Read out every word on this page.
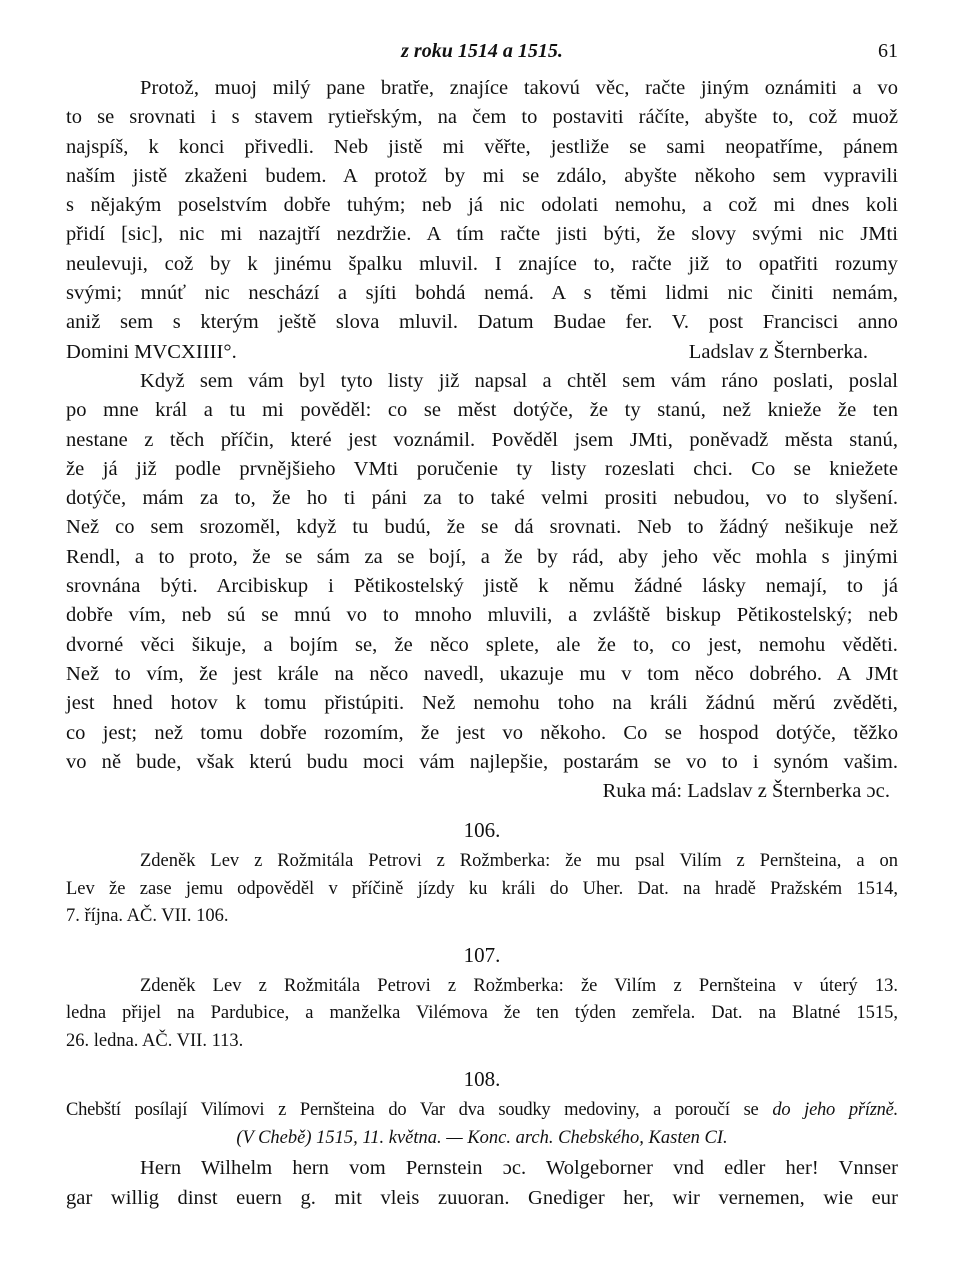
z roku 1514 a 1515.	61
Protož, muoj milý pane bratře, znajíce takovú věc, račte jiným oznámiti a vo
to se srovnati i s stavem rytieřským, na čem to postaviti ráčíte, abyšte to, což muož
najspíš, k konci přivedli. Neb jistě mi věřte, jestliže se sami neopatříme, pánem
naším jistě zkaženi budem. A protož by mi se zdálo, abyšte někoho sem vypravili
s nějakým poselstvím dobře tuhým; neb já nic odolati nemohu, a což mi dnes koli
přidí [sic], nic mi nazajtří nezdržie. A tím račte jisti býti, že slovy svými nic JMti
neulevuji, což by k jinému špalku mluvil. I znajíce to, račte již to opatřiti rozumy
svými; mnúť nic neschází a sjíti bohdá nemá. A s těmi lidmi nic činiti nemám,
aniž sem s kterým ještě slova mluvil. Datum Budae fer. V. post Francisci anno
Domini MVCXIIII°.	Ladslav z Šternberka.
Když sem vám byl tyto listy již napsal a chtěl sem vám ráno poslati, poslal
po mne král a tu mi pověděl: co se měst dotýče, že ty stanú, než knieže že ten
nestane z těch příčin, které jest voznámil. Pověděl jsem JMti, poněvadž města stanú,
že já již podle prvnějšieho VMti poručenie ty listy rozeslati chci. Co se kniežete
dotýče, mám za to, že ho ti páni za to také velmi prositi nebudou, vo to slyšení.
Než co sem srozoměl, když tu budú, že se dá srovnati. Neb to žádný nešikuje než
Rendl, a to proto, že se sám za se bojí, a že by rád, aby jeho věc mohla s jinými
srovnána býti. Arcibiskup i Pětikostelský jistě k němu žádné lásky nemají, to já
dobře vím, neb sú se mnú vo to mnoho mluvili, a zvláště biskup Pětikostelský; neb
dvorné věci šikuje, a bojím se, že něco splete, ale že to, co jest, nemohu věděti.
Než to vím, že jest krále na něco navedl, ukazuje mu v tom něco dobrého. A JMt
jest hned hotov k tomu přistúpiti. Než nemohu toho na králi žádnú měrú zvěděti,
co jest; než tomu dobře rozomím, že jest vo někoho. Co se hospod dotýče, těžko
vo ně bude, však kterú budu moci vám najlepšie, postarám se vo to i synóm vašim.
Ruka má: Ladslav z Šternberka ɔc.
106.
Zdeněk Lev z Rožmitála Petrovi z Rožmberka: že mu psal Vilím z Pernšteina, a on
Lev že zase jemu odpověděl v příčině jízdy ku králi do Uher. Dat. na hradě Pražském 1514,
7. října. AČ. VII. 106.
107.
Zdeněk Lev z Rožmitála Petrovi z Rožmberka: že Vilím z Pernšteina v úterý 13.
ledna přijel na Pardubice, a manželka Vilémova že ten týden zemřela. Dat. na Blatné 1515,
26. ledna. AČ. VII. 113.
108.
Chebští posílají Vilímovi z Pernšteina do Var dva soudky medoviny, a poroučí se do jeho přízně.
(V Chebě) 1515, 11. května. — Konc. arch. Chebského, Kasten CI.
Hern Wilhelm hern vom Pernstein ɔc. Wolgeborner vnd edler her! Vnnser
gar willig dinst euern g. mit vleis zuuoran. Gnediger her, wir vernemen, wie eur
